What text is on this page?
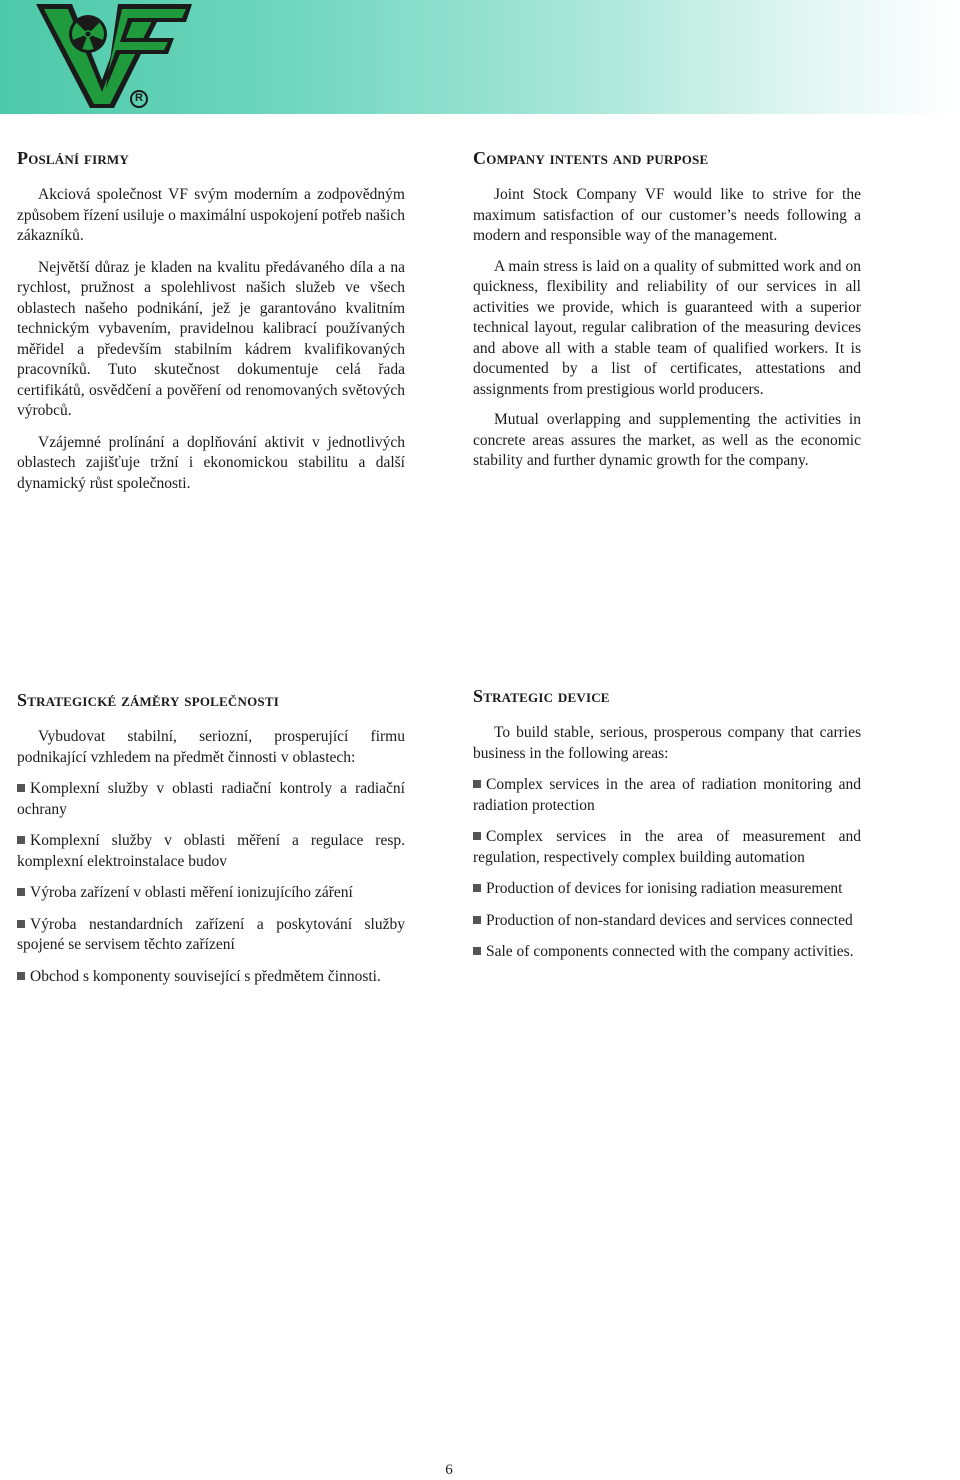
R
Poslání firmy

Akciová společnost VF svým moderním a zodpovědným způsobem řízení usiluje o maximální uspokojení potřeb našich zákazníků.

Největší důraz je kladen na kvalitu předávaného díla a na rychlost, pružnost a spolehlivost našich služeb ve všech oblastech našeho podnikání, jež je garantováno kvalitním technickým vybavením, pravidelnou kalibrací používaných měřidel a především stabilním kádrem kvalifikovaných pracovníků. Tuto skutečnost dokumentuje celá řada certifikátů, osvědčení a pověření od renomovaných světových výrobců.

Vzájemné prolínání a doplňování aktivit v jednotlivých oblastech zajišťuje tržní i ekonomickou stabilitu a další dynamický růst společnosti.

Company intents and purpose

Joint Stock Company VF would like to strive for the maximum satisfaction of our customer’s needs following a modern and responsible way of the management.

A main stress is laid on a quality of submitted work and on quickness, flexibility and reliability of our services in all activities we provide, which is guaranteed with a superior technical layout, regular calibration of the measuring devices and above all with a stable team of qualified workers. It is documented by a list of certificates, attestations and assignments from prestigious world producers.

Mutual overlapping and supplementing the activities in concrete areas assures the market, as well as the economic stability and further dynamic growth for the company.

Strategické záměry společnosti

Vybudovat stabilní, seriozní, prosperující firmu podnikající vzhledem na předmět činnosti v oblastech:

Komplexní služby v oblasti radiační kontroly a radiační ochrany

Komplexní služby v oblasti měření a regulace resp. komplexní elektroinstalace budov

Výroba zařízení v oblasti měření ionizujícího záření

Výroba nestandardních zařízení a poskytování služby spojené se servisem těchto zařízení

Obchod s komponenty související s předmětem činnosti.

Strategic device

To build stable, serious, prosperous company that carries business in the following areas:

Complex services in the area of radiation monitoring and radiation protection

Complex services in the area of measurement and regulation, respectively complex building automation

Production of devices for ionising radiation measurement

Production of non-standard devices and services connected

Sale of components connected with the company activities.

6
